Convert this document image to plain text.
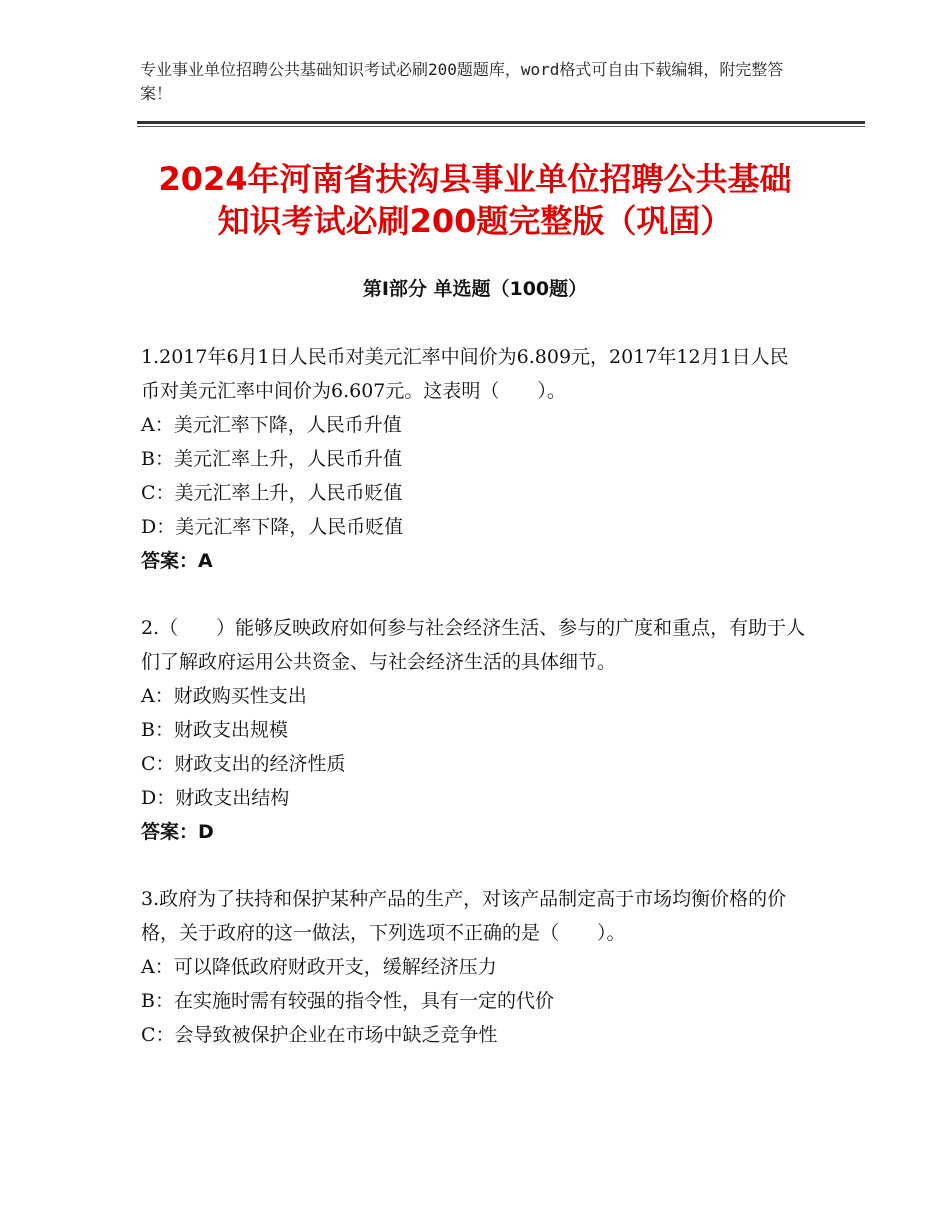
专业事业单位招聘公共基础知识考试必刷200题题库，word格式可自由下载编辑，附完整答案！
2024年河南省扶沟县事业单位招聘公共基础
知识考试必刷200题完整版（巩固）
第Ⅰ部分 单选题（100题）

1.2017年6月1日人民币对美元汇率中间价为6.809元，2017年12月1日人民币对美元汇率中间价为6.607元。这表明（　　）。

A：美元汇率下降，人民币升值

B：美元汇率上升，人民币升值

C：美元汇率上升，人民币贬值

D：美元汇率下降，人民币贬值

答案：A

2.（　　）能够反映政府如何参与社会经济生活、参与的广度和重点，有助于人们了解政府运用公共资金、与社会经济生活的具体细节。

A：财政购买性支出

B：财政支出规模

C：财政支出的经济性质

D：财政支出结构

答案：D

3.政府为了扶持和保护某种产品的生产，对该产品制定高于市场均衡价格的价格，关于政府的这一做法，下列选项不正确的是（　　）。

A：可以降低政府财政开支，缓解经济压力

B：在实施时需有较强的指令性，具有一定的代价

C：会导致被保护企业在市场中缺乏竞争性
